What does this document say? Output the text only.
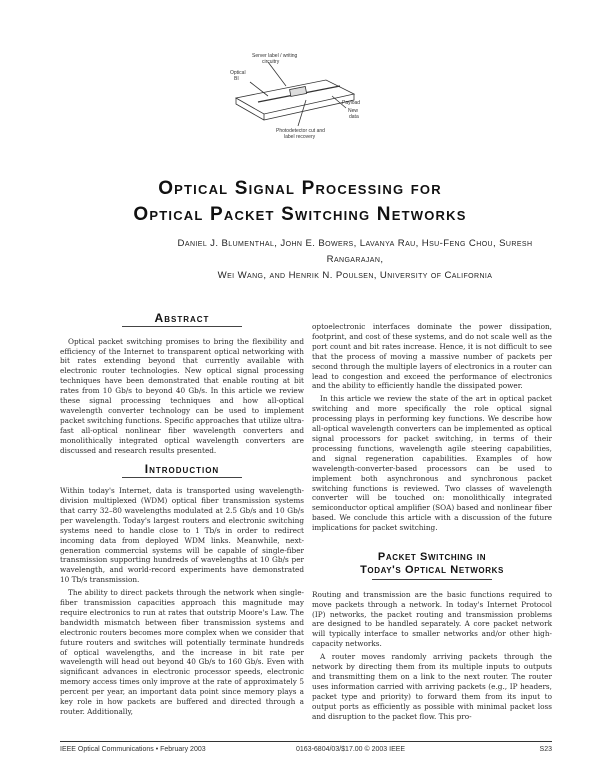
Server label / writing
circuitry
Optical
BI
Payload
New
data
Photodetector cut and
label recovery
Optical Signal Processing for
Optical Packet Switching Networks
Daniel J. Blumenthal, John E. Bowers, Lavanya Rau, Hsu-Feng Chou, Suresh Rangarajan,
Wei Wang, and Henrik N. Poulsen, University of California
Abstract

Optical packet switching promises to bring the flexibility and efficiency of the Internet to transparent optical networking with bit rates extending beyond that currently available with electronic router technologies. New optical signal processing techniques have been demonstrated that enable routing at bit rates from 10 Gb/s to beyond 40 Gb/s. In this article we review these signal processing techniques and how all-optical wavelength converter technology can be used to implement packet switching functions. Specific approaches that utilize ultra-fast all-optical nonlinear fiber wavelength converters and monolithically integrated optical wavelength converters are discussed and research results presented.

Introduction

Within today's Internet, data is transported using wavelength-division multiplexed (WDM) optical fiber transmission systems that carry 32–80 wavelengths modulated at 2.5 Gb/s and 10 Gb/s per wavelength. Today's largest routers and electronic switching systems need to handle close to 1 Tb/s in order to redirect incoming data from deployed WDM links. Meanwhile, next-generation commercial systems will be capable of single-fiber transmission supporting hundreds of wavelengths at 10 Gb/s per wavelength, and world-record experiments have demonstrated 10 Tb/s transmission.

The ability to direct packets through the network when single-fiber transmission capacities approach this magnitude may require electronics to run at rates that outstrip Moore's Law. The bandwidth mismatch between fiber transmission systems and electronic routers becomes more complex when we consider that future routers and switches will potentially terminate hundreds of optical wavelengths, and the increase in bit rate per wavelength will head out beyond 40 Gb/s to 160 Gb/s. Even with significant advances in electronic processor speeds, electronic memory access times only improve at the rate of approximately 5 percent per year, an important data point since memory plays a key role in how packets are buffered and directed through a router. Additionally,

optoelectronic interfaces dominate the power dissipation, footprint, and cost of these systems, and do not scale well as the port count and bit rates increase. Hence, it is not difficult to see that the process of moving a massive number of packets per second through the multiple layers of electronics in a router can lead to congestion and exceed the performance of electronics and the ability to efficiently handle the dissipated power.

In this article we review the state of the art in optical packet switching and more specifically the role optical signal processing plays in performing key functions. We describe how all-optical wavelength converters can be implemented as optical signal processors for packet switching, in terms of their processing functions, wavelength agile steering capabilities, and signal regeneration capabilities. Examples of how wavelength-converter-based processors can be used to implement both asynchronous and synchronous packet switching functions is reviewed. Two classes of wavelength converter will be touched on: monolithically integrated semiconductor optical amplifier (SOA) based and nonlinear fiber based. We conclude this article with a discussion of the future implications for packet switching.

Packet Switching in
Today's Optical Networks

Routing and transmission are the basic functions required to move packets through a network. In today's Internet Protocol (IP) networks, the packet routing and transmission problems are designed to be handled separately. A core packet network will typically interface to smaller networks and/or other high-capacity networks.

A router moves randomly arriving packets through the network by directing them from its multiple inputs to outputs and transmitting them on a link to the next router. The router uses information carried with arriving packets (e.g., IP headers, packet type and priority) to forward them from its input to output ports as efficiently as possible with minimal packet loss and disruption to the packet flow. This pro-

IEEE Optical Communications • February 2003	0163-6804/03/$17.00 © 2003 IEEE	S23
